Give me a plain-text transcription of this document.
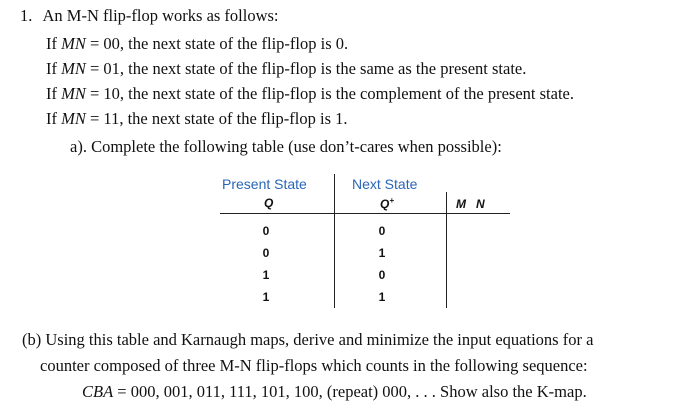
1. An M-N flip-flop works as follows:
If MN = 00, the next state of the flip-flop is 0.
If MN = 01, the next state of the flip-flop is the same as the present state.
If MN = 10, the next state of the flip-flop is the complement of the present state.
If MN = 11, the next state of the flip-flop is 1.
a). Complete the following table (use don’t-cares when possible):
Present State	Next State
Q	Q+	M   N
0	0
0	1
1	0
1	1
(b) Using this table and Karnaugh maps, derive and minimize the input equations for a
counter composed of three M-N flip-flops which counts in the following sequence:
CBA = 000, 001, 011, 111, 101, 100, (repeat) 000, . . . Show also the K-map.
